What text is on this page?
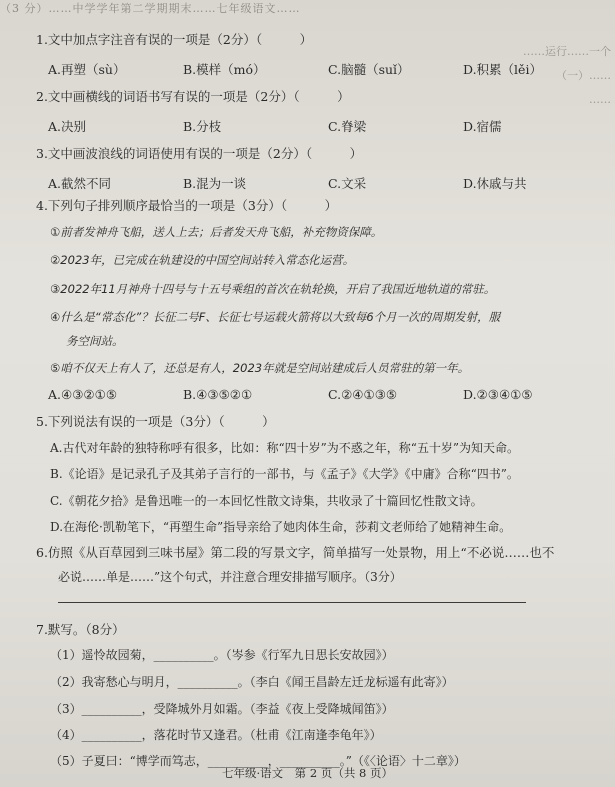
（3 分）……中学学年第二学期期末……七年级语文……
……运行……一个
（一）……
……
1.文中加点字注音有误的一项是（2分）（　　　）
A.再塑（sù）	B.模样（mó）	C.脑髓（suǐ）	D.积累（lěi）
2.文中画横线的词语书写有误的一项是（2分）（　　　）
A.决别	B.分枝	C.脊梁	D.宿儒
3.文中画波浪线的词语使用有误的一项是（2分）（　　　）
A.截然不同	B.混为一谈	C.文采	D.休戚与共
4.下列句子排列顺序最恰当的一项是（3分）（　　　）
①前者发神舟飞船，送人上去；后者发天舟飞船，补充物资保障。
②2023年，已完成在轨建设的中国空间站转入常态化运营。
③2022年11月神舟十四号与十五号乘组的首次在轨轮换，开启了我国近地轨道的常驻。
④什么是“常态化”？长征二号F、长征七号运载火箭将以大致每6个月一次的周期发射，服
务空间站。
⑤咱不仅天上有人了，还总是有人，2023年就是空间站建成后人员常驻的第一年。
A.④③②①⑤	B.④③⑤②①	C.②④①③⑤	D.②③④①⑤
5.下列说法有误的一项是（3分）（　　　）
A.古代对年龄的独特称呼有很多，比如：称“四十岁”为不惑之年，称“五十岁”为知天命。
B.《论语》是记录孔子及其弟子言行的一部书，与《孟子》《大学》《中庸》合称“四书”。
C.《朝花夕拾》是鲁迅唯一的一本回忆性散文诗集，共收录了十篇回忆性散文诗。
D.在海伦·凯勒笔下，“再塑生命”指导亲给了她肉体生命，莎莉文老师给了她精神生命。
6.仿照《从百草园到三味书屋》第二段的写景文字，简单描写一处景物，用上“不必说……也不
必说……单是……”这个句式，并注意合理安排描写顺序。（3分）
7.默写。（8分）
（1）遥怜故园菊，__________。（岑参《行军九日思长安故园》）
（2）我寄愁心与明月，__________。（李白《闻王昌龄左迁龙标遥有此寄》）
（3）__________，受降城外月如霜。（李益《夜上受降城闻笛》）
（4）__________，落花时节又逢君。（杜甫《江南逢李龟年》）
（5）子夏曰：“博学而笃志，__________，__________。”（《〈论语〉十二章》）
七年级·语文　第 2 页（共 8 页）
